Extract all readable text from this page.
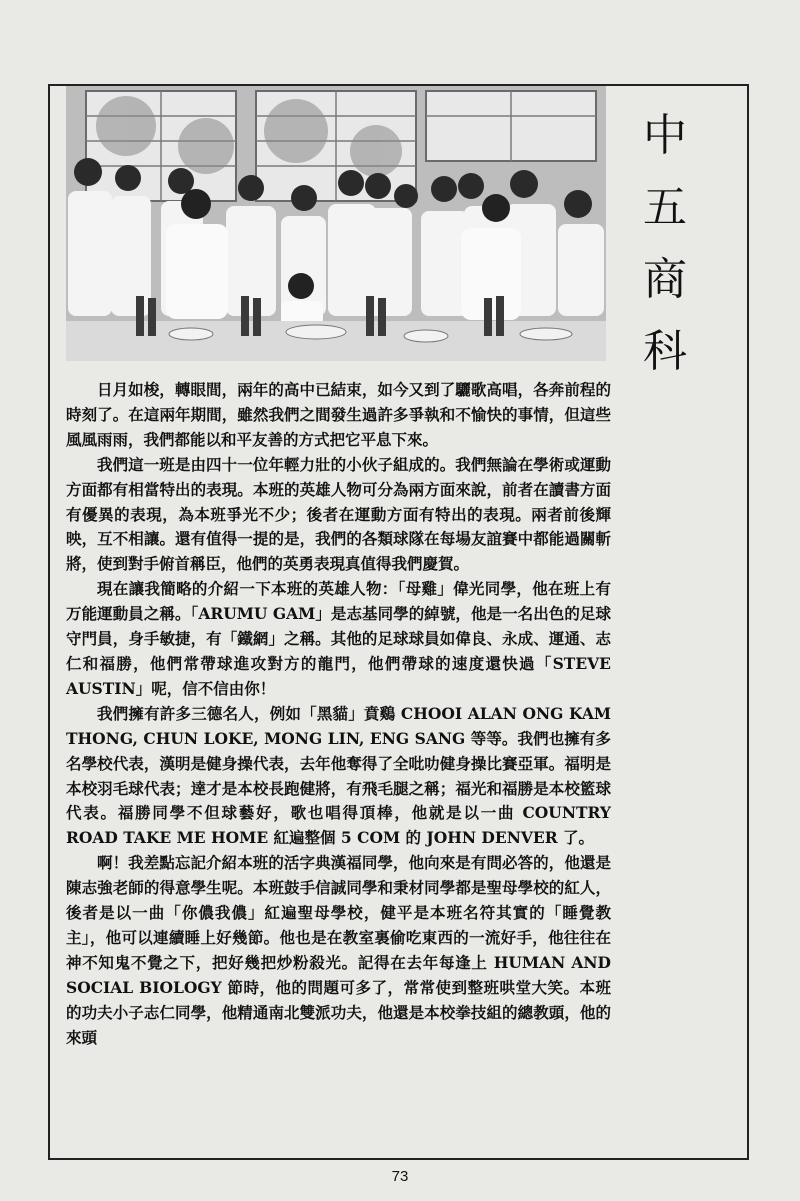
中
五
商
科

日月如梭，轉眼間，兩年的高中已結束，如今又到了驪歌高唱，各奔前程的時刻了。在這兩年期間，雖然我們之間發生過許多爭執和不愉快的事情，但這些風風雨雨，我們都能以和平友善的方式把它平息下來。

我們這一班是由四十一位年輕力壯的小伙子組成的。我們無論在學術或運動方面都有相當特出的表現。本班的英雄人物可分為兩方面來說，前者在讀書方面有優異的表現，為本班爭光不少；後者在運動方面有特出的表現。兩者前後輝映，互不相讓。還有值得一提的是，我們的各類球隊在每場友誼賽中都能過關斬將，使到對手俯首稱臣，他們的英勇表現真值得我們慶賀。

現在讓我簡略的介紹一下本班的英雄人物：「母雞」偉光同學，他在班上有万能運動員之稱。「ARUMU GAM」是志基同學的綽號，他是一名出色的足球守門員，身手敏捷，有「鐵網」之稱。其他的足球球員如偉良、永成、運通、志仁和福勝，他們常帶球進攻對方的龍門，他們帶球的速度還快過「STEVE AUSTIN」呢，信不信由你！

我們擁有許多三德名人，例如「黑貓」賁鷄 CHOOI ALAN ONG KAM THONG, CHUN LOKE, MONG LIN, ENG SANG 等等。我們也擁有多名學校代表，漢明是健身操代表，去年他奪得了全吡叻健身操比賽亞軍。福明是本校羽毛球代表；達才是本校長跑健將，有飛毛腿之稱；福光和福勝是本校籃球代表。福勝同學不但球藝好，歌也唱得頂棒，他就是以一曲 COUNTRY ROAD TAKE ME HOME 紅遍整個 5 COM 的 JOHN DENVER 了。

啊！我差點忘記介紹本班的活字典漢福同學，他向來是有問必答的，他還是陳志強老師的得意學生呢。本班鼓手信誠同學和秉材同學都是聖母學校的紅人，後者是以一曲「你儂我儂」紅遍聖母學校，健平是本班名符其實的「睡覺教主」，他可以連續睡上好幾節。他也是在教室裏偷吃東西的一流好手，他往往在神不知鬼不覺之下，把好幾把炒粉殺光。記得在去年每逢上 HUMAN AND SOCIAL BIOLOGY 節時，他的問題可多了，常常使到整班哄堂大笑。本班的功夫小子志仁同學，他精通南北雙派功夫，他還是本校拳技組的總教頭，他的來頭

73
